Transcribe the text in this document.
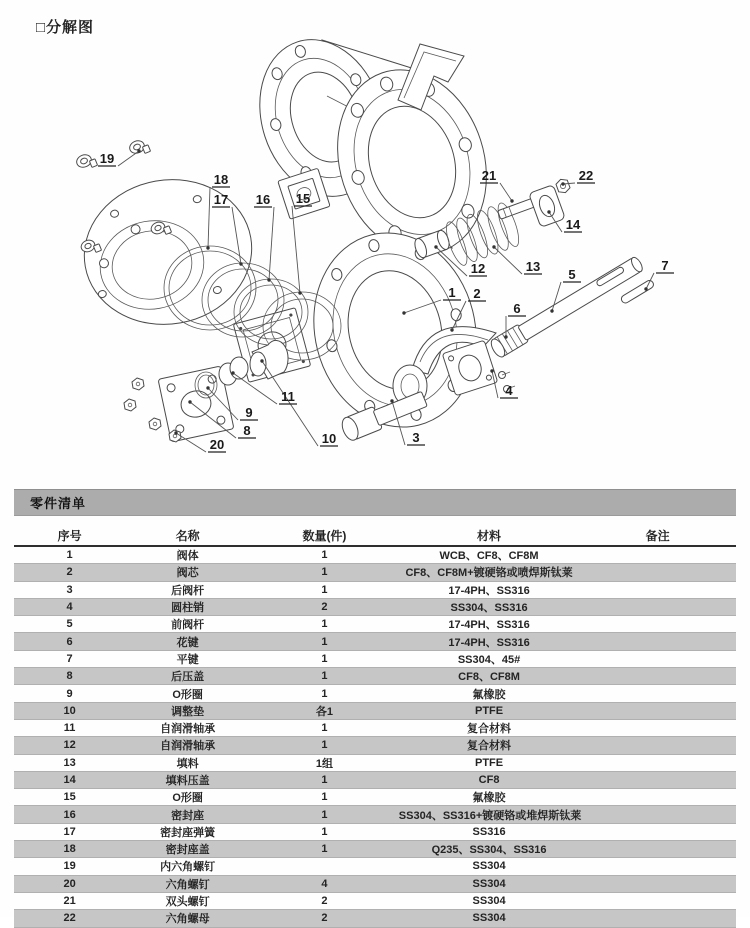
□分解图
19
18
17 16 15
21	22
14
12	13
5
7
6
1 2
4
3
10
11
9
8
20
零件清单
序号	名称	数量(件)	材料	备注
1	阀体	1	WCB、CF8、CF8M	
2	阀芯	1	CF8、CF8M+镀硬铬或喷焊斯钛莱	
3	后阀杆	1	17-4PH、SS316	
4	圆柱销	2	SS304、SS316	
5	前阀杆	1	17-4PH、SS316	
6	花键	1	17-4PH、SS316	
7	平键	1	SS304、45#	
8	后压盖	1	CF8、CF8M	
9	O形圈	1	氟橡胶	
10	调整垫	各1	PTFE	
11	自润滑轴承	1	复合材料	
12	自润滑轴承	1	复合材料	
13	填料	1组	PTFE	
14	填料压盖	1	CF8	
15	O形圈	1	氟橡胶	
16	密封座	1	SS304、SS316+镀硬铬或堆焊斯钛莱	
17	密封座弹簧	1	SS316	
18	密封座盖	1	Q235、SS304、SS316	
19	内六角螺钉		SS304	
20	六角螺钉	4	SS304	
21	双头螺钉	2	SS304	
22	六角螺母	2	SS304	
